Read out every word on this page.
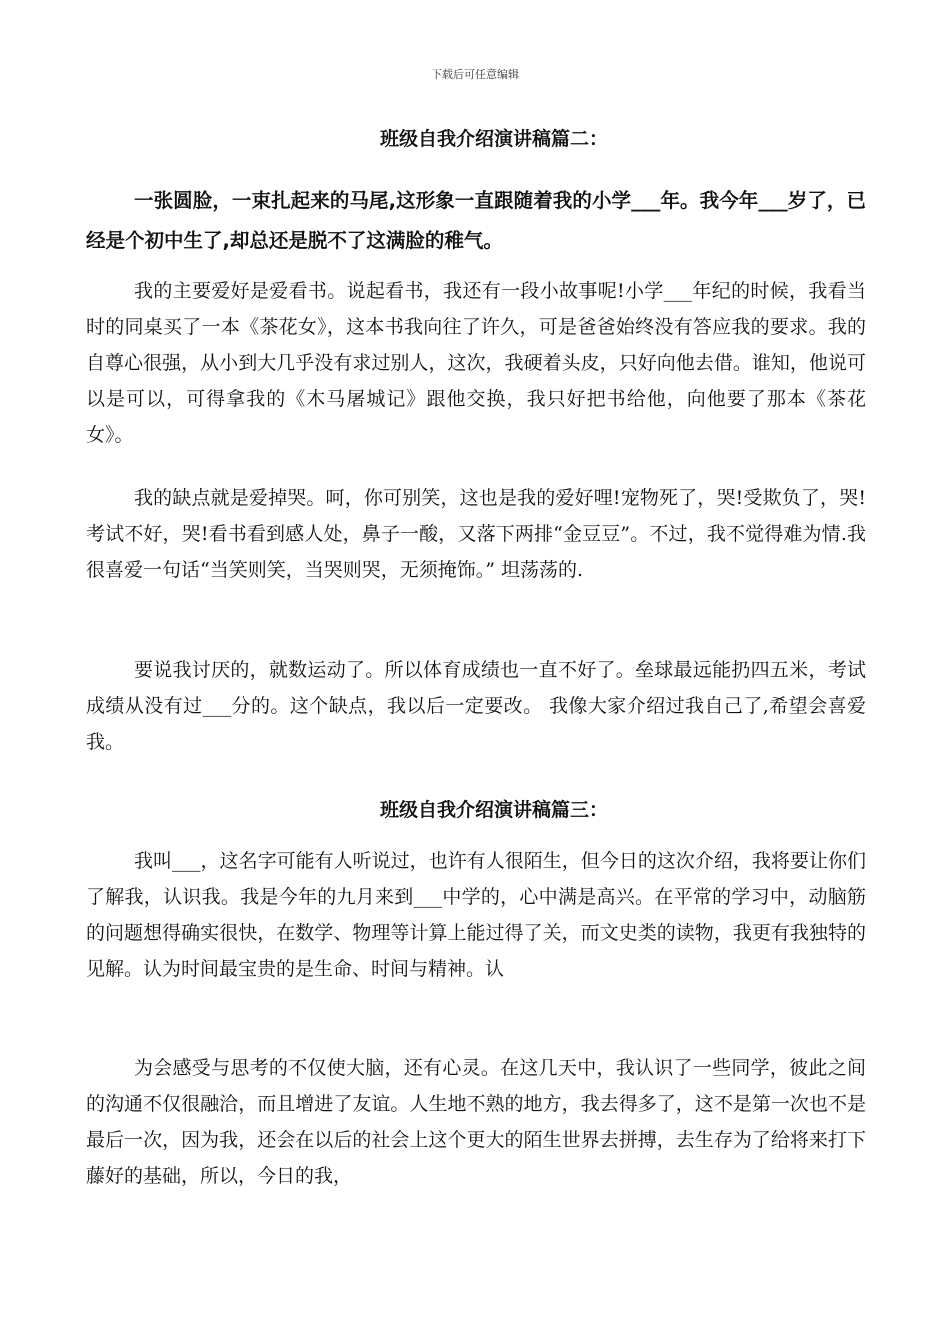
下载后可任意编辑
班级自我介绍演讲稿篇二：

一张圆脸，一束扎起来的马尾,这形象一直跟随着我的小学___年。我今年___岁了，已经是个初中生了,却总还是脱不了这满脸的稚气。

我的主要爱好是爱看书。说起看书，我还有一段小故事呢!小学___年纪的时候，我看当时的同桌买了一本《茶花女》，这本书我向往了许久，可是爸爸始终没有答应我的要求。我的自尊心很强，从小到大几乎没有求过别人，这次，我硬着头皮，只好向他去借。谁知，他说可以是可以，可得拿我的《木马屠城记》跟他交换，我只好把书给他，向他要了那本《茶花女》。

我的缺点就是爱掉哭。呵，你可别笑，这也是我的爱好哩!宠物死了，哭!受欺负了，哭!考试不好，哭!看书看到感人处，鼻子一酸，又落下两排“金豆豆”。不过，我不觉得难为情.我很喜爱一句话“当笑则笑，当哭则哭，无须掩饰。” 坦荡荡的.

要说我讨厌的，就数运动了。所以体育成绩也一直不好了。垒球最远能扔四五米，考试成绩从没有过___分的。这个缺点，我以后一定要改。 我像大家介绍过我自己了,希望会喜爱我。

班级自我介绍演讲稿篇三：

我叫___，这名字可能有人听说过，也许有人很陌生，但今日的这次介绍，我将要让你们了解我，认识我。我是今年的九月来到___中学的，心中满是高兴。在平常的学习中，动脑筋的问题想得确实很快，在数学、物理等计算上能过得了关，而文史类的读物，我更有我独特的见解。认为时间最宝贵的是生命、时间与精神。认

为会感受与思考的不仅使大脑，还有心灵。在这几天中，我认识了一些同学，彼此之间的沟通不仅很融洽，而且增进了友谊。人生地不熟的地方，我去得多了，这不是第一次也不是最后一次，因为我，还会在以后的社会上这个更大的陌生世界去拼搏，去生存为了给将来打下藤好的基础，所以，今日的我，
